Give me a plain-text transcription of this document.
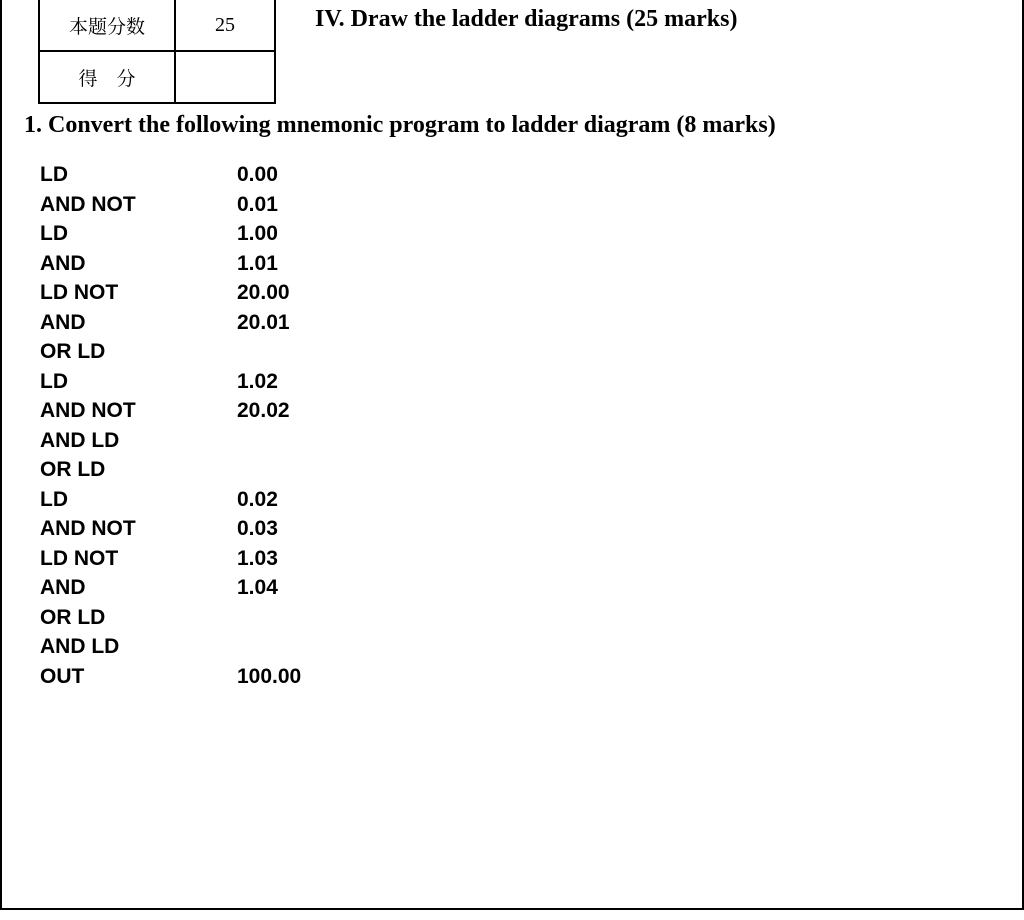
本题分数	25
得　分	
IV. Draw the ladder diagrams (25 marks)
1. Convert the following mnemonic program to ladder diagram (8 marks)
LD	0.00
AND NOT	0.01
LD	1.00
AND	1.01
LD NOT	20.00
AND	20.01
OR LD
LD	1.02
AND NOT	20.02
AND LD
OR LD
LD	0.02
AND NOT	0.03
LD NOT	1.03
AND	1.04
OR LD
AND LD
OUT	100.00
